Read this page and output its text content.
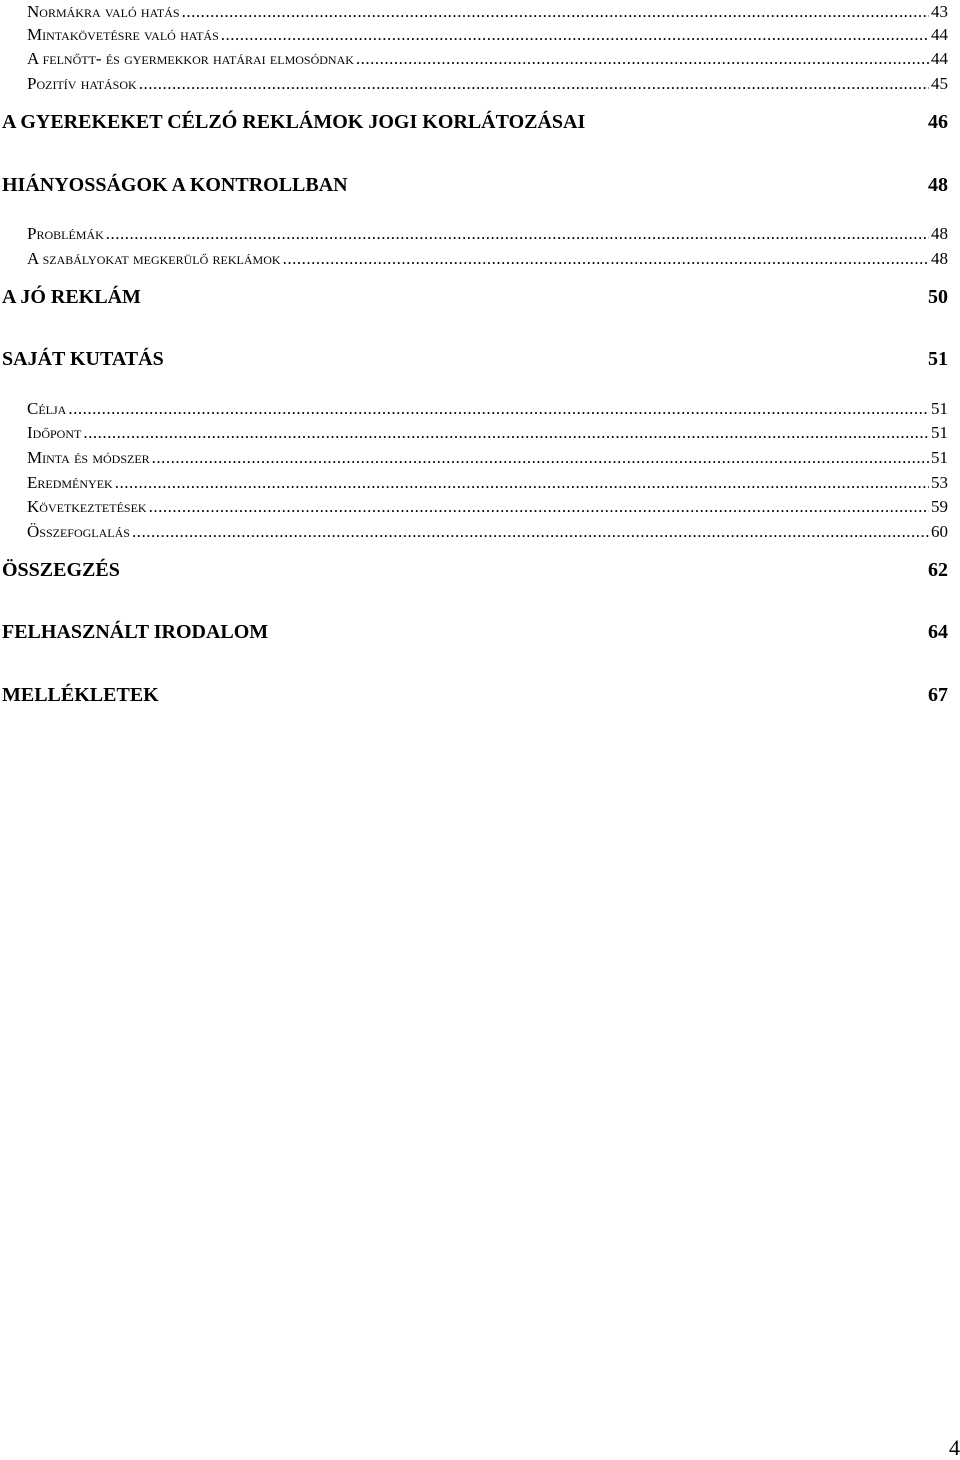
Normákra való hatás .....	43
Mintakövetésre való hatás .....	44
A felnőtt- és gyermekkor határai elmosódnak .....	44
Pozitív hatások .....	45
A GYEREKEKET CÉLZÓ REKLÁMOK JOGI KORLÁTOZÁSAI	46
HIÁNYOSSÁGOK A KONTROLLBAN	48
Problémák .....	48
A szabályokat megkerülő reklámok .....	48
A JÓ REKLÁM	50
SAJÁT KUTATÁS	51
Célja .....	51
Időpont .....	51
Minta és módszer .....	51
Eredmények .....	53
Következtetések .....	59
Összefoglalás .....	60
ÖSSZEGZÉS	62
FELHASZNÁLT IRODALOM	64
MELLÉKLETEK	67
4
